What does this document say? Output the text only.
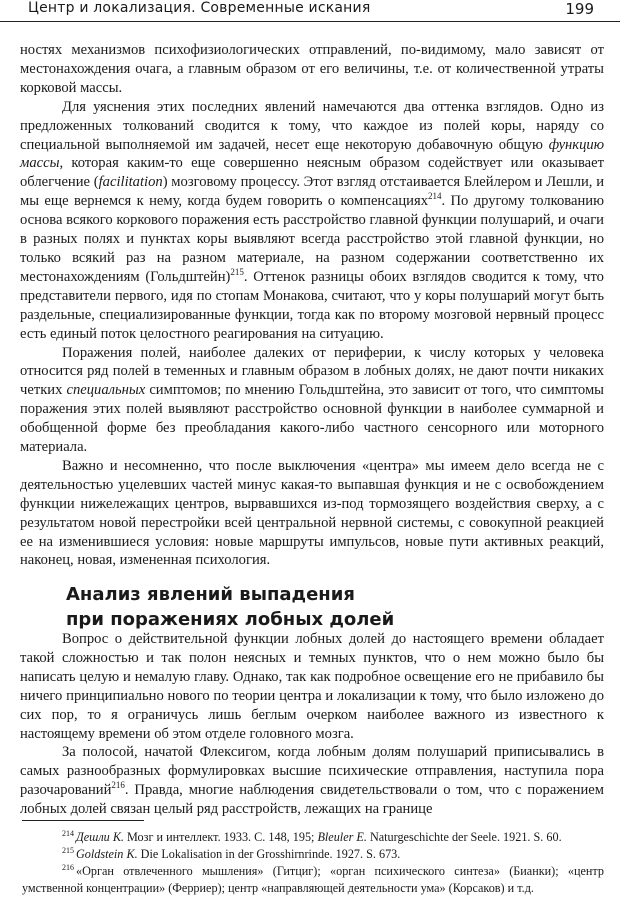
Центр и локализация. Современные искания	199

ностях механизмов психофизиологических отправлений, по-видимому, мало зависят от местонахождения очага, а главным образом от его величины, т.е. от количественной утраты корковой массы.

Для уяснения этих последних явлений намечаются два оттенка взглядов. Одно из предложенных толкований сводится к тому, что каждое из полей коры, наряду со специальной выполняемой им задачей, несет еще некоторую добавочную общую функцию массы, которая каким-то еще совершенно неясным образом содействует или оказывает облегчение (facilitation) мозговому процессу. Этот взгляд отстаивается Блейлером и Лешли, и мы еще вернемся к нему, когда будем говорить о компенсациях$^{214}$. По другому толкованию основа всякого коркового поражения есть расстройство главной функции полушарий, и очаги в разных полях и пунктах коры выявляют всегда расстройство этой главной функции, но только всякий раз на разном материале, на разном содержании соответственно их местонахождениям (Гольдштейн)$^{215}$. Оттенок разницы обоих взглядов сводится к тому, что представители первого, идя по стопам Монакова, считают, что у коры полушарий могут быть раздельные, специализированные функции, тогда как по второму мозговой нервный процесс есть единый поток целостного реагирования на ситуацию.

Поражения полей, наиболее далеких от периферии, к числу которых у человека относится ряд полей в теменных и главным образом в лобных долях, не дают почти никаких четких специальных симптомов; по мнению Гольдштейна, это зависит от того, что симптомы поражения этих полей выявляют расстройство основной функции в наиболее суммарной и обобщенной форме без преобладания какого-либо частного сенсорного или моторного материала.

Важно и несомненно, что после выключения «центра» мы имеем дело всегда не с деятельностью уцелевших частей минус какая-то выпавшая функция и не с освобождением функции нижележащих центров, вырвавшихся из-под тормозящего воздействия сверху, а с результатом новой перестройки всей центральной нервной системы, с совокупной реакцией ее на изменившиеся условия: новые маршруты импульсов, новые пути активных реакций, наконец, новая, измененная психология.

Анализ явлений выпадения
при поражениях лобных долей

Вопрос о действительной функции лобных долей до настоящего времени обладает такой сложностью и так полон неясных и темных пунктов, что о нем можно было бы написать целую и немалую главу. Однако, так как подробное освещение его не прибавило бы ничего принципиально нового по теории центра и локализации к тому, что было изложено до сих пор, то я ограничусь лишь беглым очерком наиболее важного из известного к настоящему времени об этом отделе головного мозга.

За полосой, начатой Флексигом, когда лобным долям полушарий приписывались в самых разнообразных формулировках высшие психические отправления, наступила пора разочарований$^{216}$. Правда, многие наблюдения свидетельствовали о том, что с поражением лобных долей связан целый ряд расстройств, лежащих на границе

$^{214}$ Дешли К. Мозг и интеллект. 1933. С. 148, 195; Bleuler E. Naturgeschichte der Seele. 1921. S. 60.

$^{215}$ Goldstein K. Die Lokalisation in der Grosshirnrinde. 1927. S. 673.

$^{216}$ «Орган отвлеченного мышления» (Гитциг); «орган психического синтеза» (Бианки); «центр умственной концентрации» (Ферриер); центр «направляющей деятельности ума» (Корсаков) и т.д.
